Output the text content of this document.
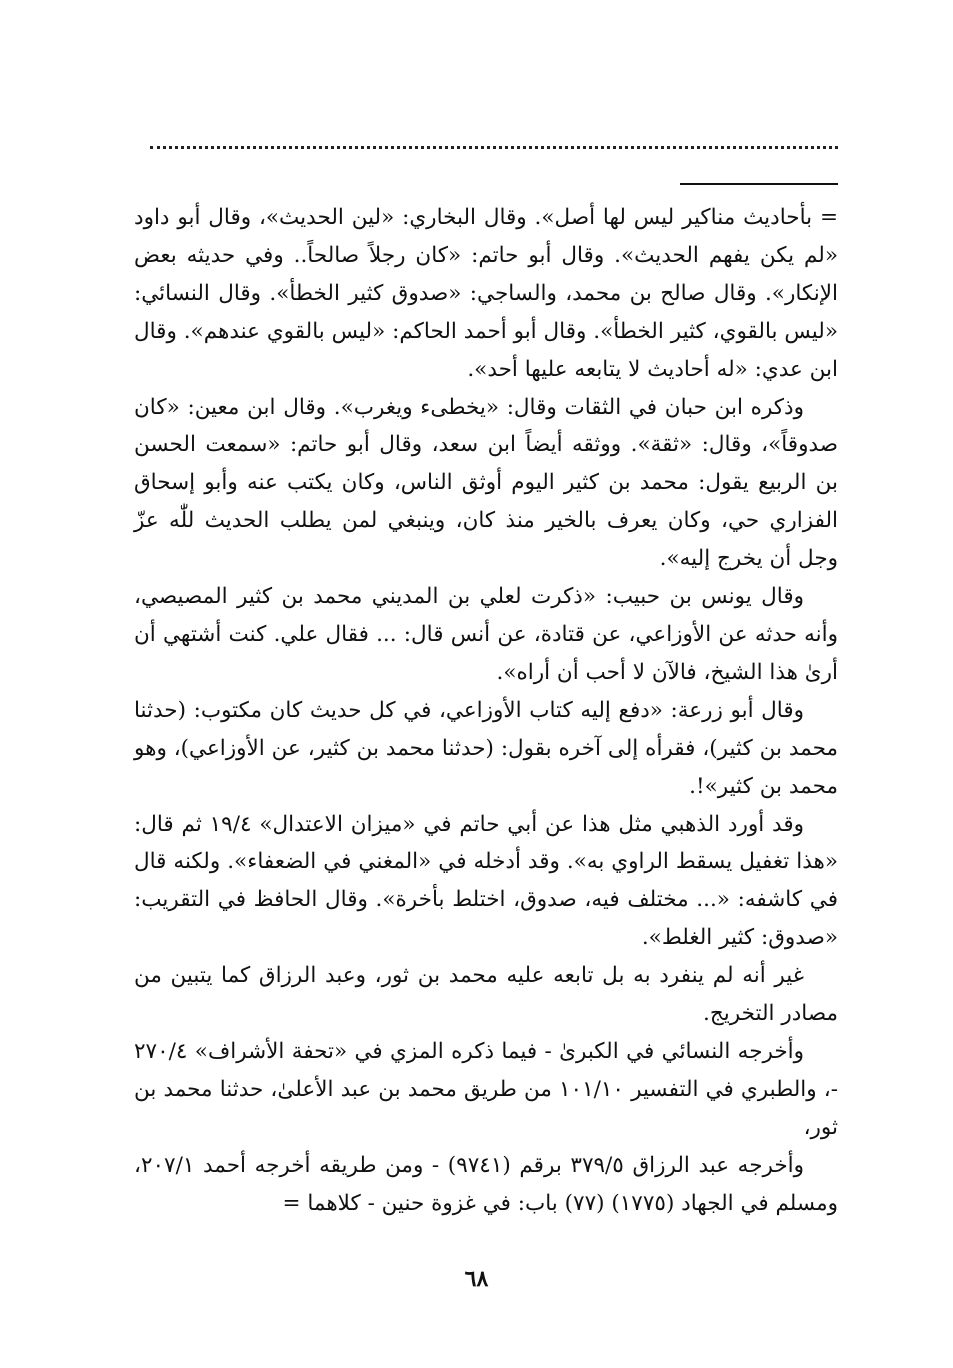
= بأحاديث مناكير ليس لها أصل». وقال البخاري: «لين الحديث»، وقال أبو داود «لم يكن يفهم الحديث». وقال أبو حاتم: «كان رجلاً صالحاً.. وفي حديثه بعض الإنكار». وقال صالح بن محمد، والساجي: «صدوق كثير الخطأ». وقال النسائي: «ليس بالقوي، كثير الخطأ». وقال أبو أحمد الحاكم: «ليس بالقوي عندهم». وقال ابن عدي: «له أحاديث لا يتابعه عليها أحد».

وذكره ابن حبان في الثقات وقال: «يخطىء ويغرب». وقال ابن معين: «كان صدوقاً»، وقال: «ثقة». ووثقه أيضاً ابن سعد، وقال أبو حاتم: «سمعت الحسن بن الربيع يقول: محمد بن كثير اليوم أوثق الناس، وكان يكتب عنه وأبو إسحاق الفزاري حي، وكان يعرف بالخير منذ كان، وينبغي لمن يطلب الحديث للّٰه عزّ وجل أن يخرج إليه».

وقال يونس بن حبيب: «ذكرت لعلي بن المديني محمد بن كثير المصيصي، وأنه حدثه عن الأوزاعي، عن قتادة، عن أنس قال: ... فقال علي. كنت أشتهي أن أرىٰ هذا الشيخ، فالآن لا أحب أن أراه».

وقال أبو زرعة: «دفع إليه كتاب الأوزاعي، في كل حديث كان مكتوب: (حدثنا محمد بن كثير)، فقرأه إلى آخره بقول: (حدثنا محمد بن كثير، عن الأوزاعي)، وهو محمد بن كثير»!.

وقد أورد الذهبي مثل هذا عن أبي حاتم في «ميزان الاعتدال» ١٩/٤ ثم قال: «هذا تغفيل يسقط الراوي به». وقد أدخله في «المغني في الضعفاء». ولكنه قال في كاشفه: «... مختلف فيه، صدوق، اختلط بأخرة». وقال الحافظ في التقريب: «صدوق: كثير الغلط».

غير أنه لم ينفرد به بل تابعه عليه محمد بن ثور، وعبد الرزاق كما يتبين من مصادر التخريج.

وأخرجه النسائي في الكبرىٰ - فيما ذكره المزي في «تحفة الأشراف» ٢٧٠/٤ -، والطبري في التفسير ١٠١/١٠ من طريق محمد بن عبد الأعلىٰ، حدثنا محمد بن ثور،

وأخرجه عبد الرزاق ٣٧٩/٥ برقم (٩٧٤١) - ومن طريقه أخرجه أحمد ٢٠٧/١، ومسلم في الجهاد (١٧٧٥) (٧٧) باب: في غزوة حنين - كلاهما =

٦٨
